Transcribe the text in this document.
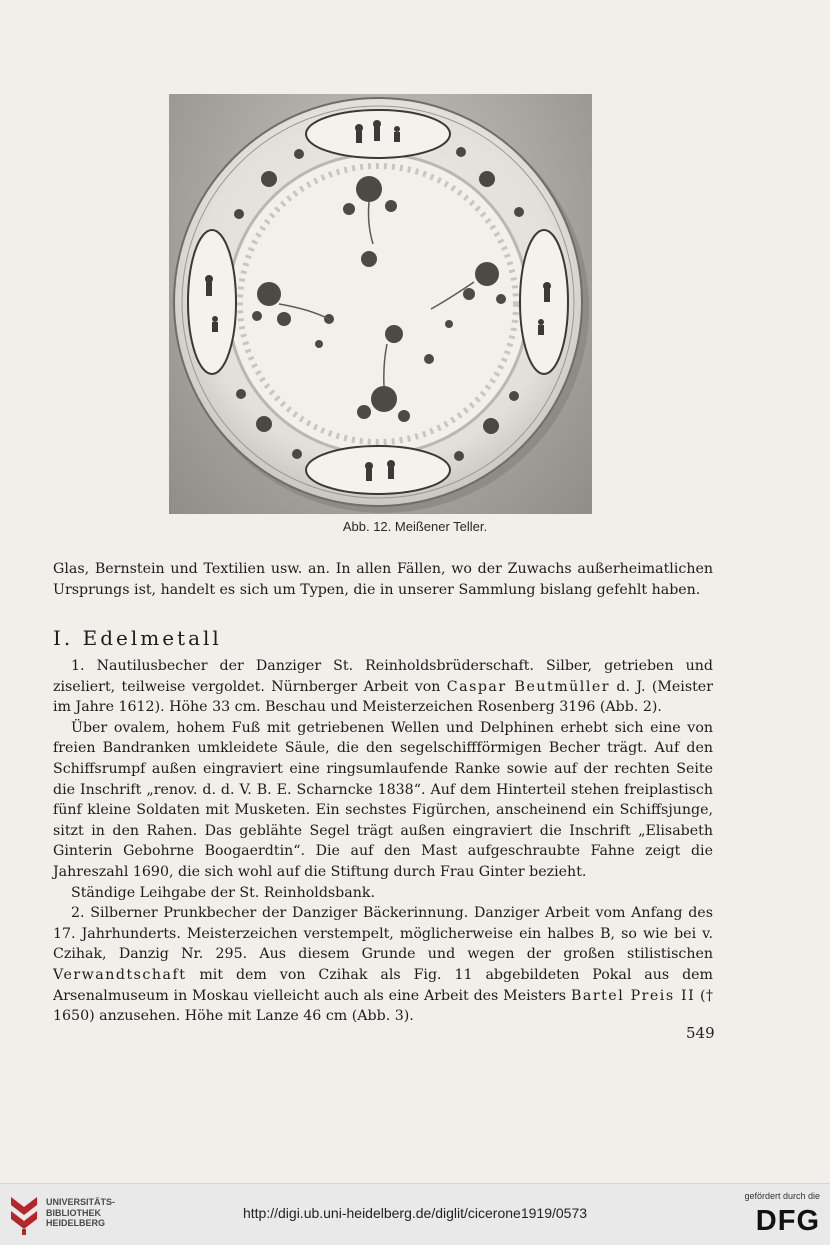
Abb. 12. Meißener Teller.

Glas, Bernstein und Textilien usw. an. In allen Fällen, wo der Zuwachs außerheimatlichen Ursprungs ist, handelt es sich um Typen, die in unserer Sammlung bislang gefehlt haben.

I. Edelmetall

1. Nautilusbecher der Danziger St. Reinholdsbrüderschaft. Silber, getrieben und ziseliert, teilweise vergoldet. Nürnberger Arbeit von Caspar Beutmüller d. J. (Meister im Jahre 1612). Höhe 33 cm. Beschau und Meisterzeichen Rosenberg 3196 (Abb. 2).

Über ovalem, hohem Fuß mit getriebenen Wellen und Delphinen erhebt sich eine von freien Bandranken umkleidete Säule, die den segelschiffförmigen Becher trägt. Auf den Schiffsrumpf außen eingraviert eine ringsumlaufende Ranke sowie auf der rechten Seite die Inschrift „renov. d. d. V. B. E. Scharncke 1838“. Auf dem Hinterteil stehen freiplastisch fünf kleine Soldaten mit Musketen. Ein sechstes Figürchen, anscheinend ein Schiffsjunge, sitzt in den Rahen. Das geblähte Segel trägt außen eingraviert die Inschrift „Elisabeth Ginterin Gebohrne Boogaerdtin“. Die auf den Mast aufgeschraubte Fahne zeigt die Jahreszahl 1690, die sich wohl auf die Stiftung durch Frau Ginter bezieht.

Ständige Leihgabe der St. Reinholdsbank.

2. Silberner Prunkbecher der Danziger Bäckerinnung. Danziger Arbeit vom Anfang des 17. Jahrhunderts. Meisterzeichen verstempelt, möglicherweise ein halbes B, so wie bei v. Czihak, Danzig Nr. 295. Aus diesem Grunde und wegen der großen stilistischen Verwandtschaft mit dem von Czihak als Fig. 11 abgebildeten Pokal aus dem Arsenalmuseum in Moskau vielleicht auch als eine Arbeit des Meisters Bartel Preis II († 1650) anzusehen. Höhe mit Lanze 46 cm (Abb. 3).

549
UNIVERSITÄTS-
BIBLIOTHEK
HEIDELBERG
http://digi.ub.uni-heidelberg.de/diglit/cicerone1919/0573
gefördert durch die
DFG
